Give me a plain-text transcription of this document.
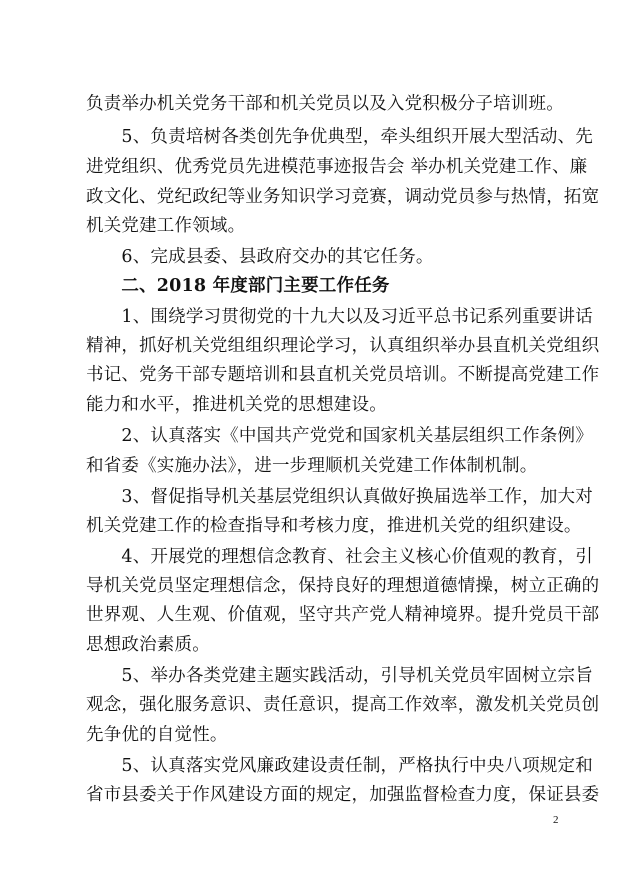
负责举办机关党务干部和机关党员以及入党积极分子培训班。
　　5、负责培树各类创先争优典型，牵头组织开展大型活动、先
进党组织、优秀党员先进模范事迹报告会 举办机关党建工作、廉
政文化、党纪政纪等业务知识学习竞赛，调动党员参与热情，拓宽
机关党建工作领域。
　　6、完成县委、县政府交办的其它任务。
　　二、2018 年度部门主要工作任务
　　1、围绕学习贯彻党的十九大以及习近平总书记系列重要讲话
精神，抓好机关党组组织理论学习，认真组织举办县直机关党组织
书记、党务干部专题培训和县直机关党员培训。不断提高党建工作
能力和水平，推进机关党的思想建设。
　　2、认真落实《中国共产党党和国家机关基层组织工作条例》
和省委《实施办法》，进一步理顺机关党建工作体制机制。
　　3、督促指导机关基层党组织认真做好换届选举工作，加大对
机关党建工作的检查指导和考核力度，推进机关党的组织建设。
　　4、开展党的理想信念教育、社会主义核心价值观的教育，引
导机关党员坚定理想信念，保持良好的理想道德情操，树立正确的
世界观、人生观、价值观，坚守共产党人精神境界。提升党员干部
思想政治素质。
　　5、举办各类党建主题实践活动，引导机关党员牢固树立宗旨
观念，强化服务意识、责任意识，提高工作效率，激发机关党员创
先争优的自觉性。
　　5、认真落实党风廉政建设责任制，严格执行中央八项规定和
省市县委关于作风建设方面的规定，加强监督检查力度，保证县委
2
